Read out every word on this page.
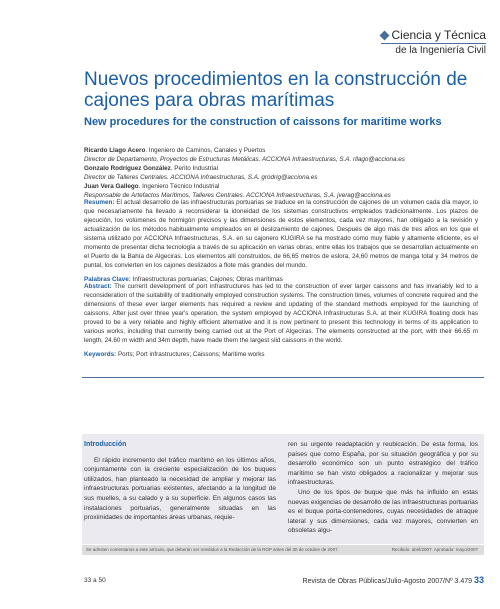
Ciencia y Técnica
de la Ingeniería Civil
Nuevos procedimientos en la construcción de cajones para obras marítimas
New procedures for the construction of caissons for maritime works
Ricardo Llago Acero. Ingeniero de Caminos, Canales y Puertos
Director de Departamento, Proyectos de Estructuras Metálicas. ACCIONA Infraestructuras, S.A. rllago@acciona.es
Gonzalo Rodríguez González. Perito Industrial
Director de Talleres Centrales. ACCIONA Infraestructuras, S.A. grodrig@acciona.es
Juan Vera Gallego. Ingeniero Técnico Industrial
Responsable de Artefactos Marítimos, Talleres Centrales. ACCIONA Infraestructuras, S.A. jverag@acciona.es
Resumen: El actual desarrollo de las infraestructuras portuarias se traduce en la construcción de cajones de un volumen cada día mayor, lo que necesariamente ha llevado a reconsiderar la idoneidad de los sistemas constructivos empleados tradicionalmente. Los plazos de ejecución, los volúmenes de hormigón precisos y las dimensiones de estos elementos, cada vez mayores, han obligado a la revisión y actualización de los métodos habitualmente empleados en el deslizamiento de cajones. Después de algo más de tres años en los que el sistema utilizado por ACCIONA Infraestructuras, S.A. en su cajonero KUGIRA se ha mostrado como muy fiable y altamente eficiente, es el momento de presentar dicha tecnología a través de su aplicación en varias obras, entre ellas los trabajos que se desarrollan actualmente en el Puerto de la Bahía de Algeciras. Los elementos allí construidos, de 66,65 metros de eslora, 24,60 metros de manga total y 34 metros de puntal, los convierten en los cajones deslizados a flote más grandes del mundo.
Palabras Clave: Infraestructuras portuarias; Cajones; Obras marítimas
Abstract: The current development of port infrastructures has led to the construction of ever larger caissons and has invariably led to a reconsideration of the suitability of traditionally employed construction systems. The construction times, volumes of concrete required and the dimensions of these ever larger elements has required a review and updating of the standard methods employed for the launching of caissons. After just over three year's operation, the system employed by ACCIONA Infrastructuras S.A. at their KUGIRA floating dock has proved to be a very reliable and highly efficient alternative and it is now pertinent to present this technology in terms of its application to various works, including that currently being carried out at the Port of Algeciras. The elements constructed at the port, with their 66.65 m length, 24.60 m width and 34m depth, have made them the largest slid caissons in the world.
Keywords: Ports; Port infrastructures; Caissons; Maritime works
Introducción

El rápido incremento del tráfico marítimo en los últimos años, conjuntamente con la creciente especialización de los buques utilizados, han planteado la necesidad de ampliar y mejorar las infraestructuras portuarias existentes, afectando a la longitud de sus muelles, a su calado y a su superficie. En algunos casos las instalaciones portuarias, generalmente situadas en las proximidades de importantes áreas urbanas, requie-

ren su urgente readaptación y reubicación. De esta forma, los países que como España, por su situación geográfica y por su desarrollo económico son un punto estratégico del tráfico marítimo se han visto obligados a racionalizar y mejorar sus infraestructuras.

Uno de los tipos de buque que más ha influido en estas nuevas exigencias de desarrollo de las infraestructuras portuarias es el buque porta-contenedores, cuyas necesidades de atraque lateral y sus dimensiones, cada vez mayores, convierten en obsoletas algu-

Se admiten comentarios a este artículo, que deberán ser remitidos a la Redacción de la ROP antes del 30 de octubre de 2007.	Recibido: abril/2007. Aprobado: mayo/2007
33 a 50	Revista de Obras Públicas/Julio-Agosto 2007/Nº 3.479 33
